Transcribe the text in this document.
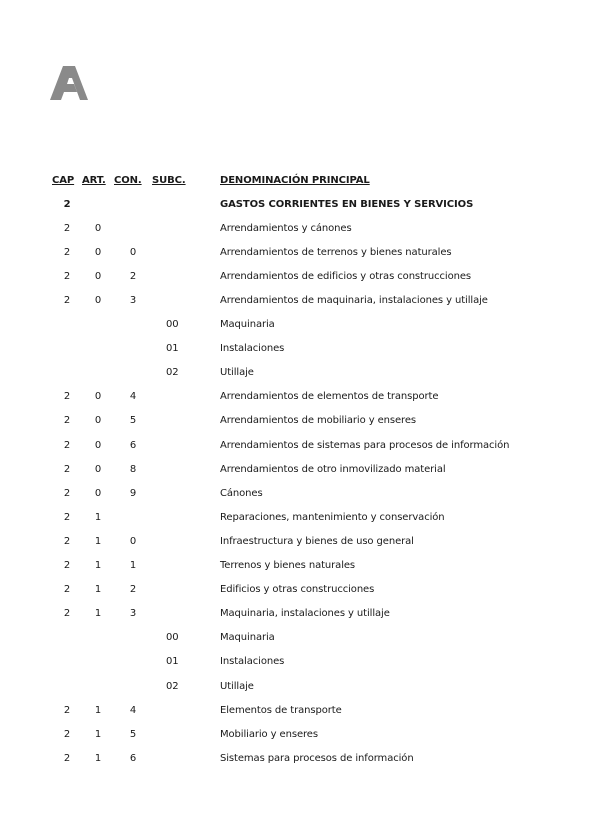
CAP	ART.	CON.	SUBC.	DENOMINACIÓN PRINCIPAL
2				GASTOS CORRIENTES EN BIENES Y SERVICIOS
2	0			Arrendamientos y cánones
2	0	0		Arrendamientos de terrenos y bienes naturales
2	0	2		Arrendamientos de edificios y otras construcciones
2	0	3		Arrendamientos de maquinaria, instalaciones y utillaje
			00	Maquinaria
			01	Instalaciones
			02	Utillaje
2	0	4		Arrendamientos de elementos de transporte
2	0	5		Arrendamientos de mobiliario y enseres
2	0	6		Arrendamientos de sistemas para procesos de información
2	0	8		Arrendamientos de otro inmovilizado material
2	0	9		Cánones
2	1			Reparaciones, mantenimiento y conservación
2	1	0		Infraestructura y bienes de uso general
2	1	1		Terrenos y bienes naturales
2	1	2		Edificios y otras construcciones
2	1	3		Maquinaria, instalaciones y utillaje
			00	Maquinaria
			01	Instalaciones
			02	Utillaje
2	1	4		Elementos de transporte
2	1	5		Mobiliario y enseres
2	1	6		Sistemas para procesos de información
